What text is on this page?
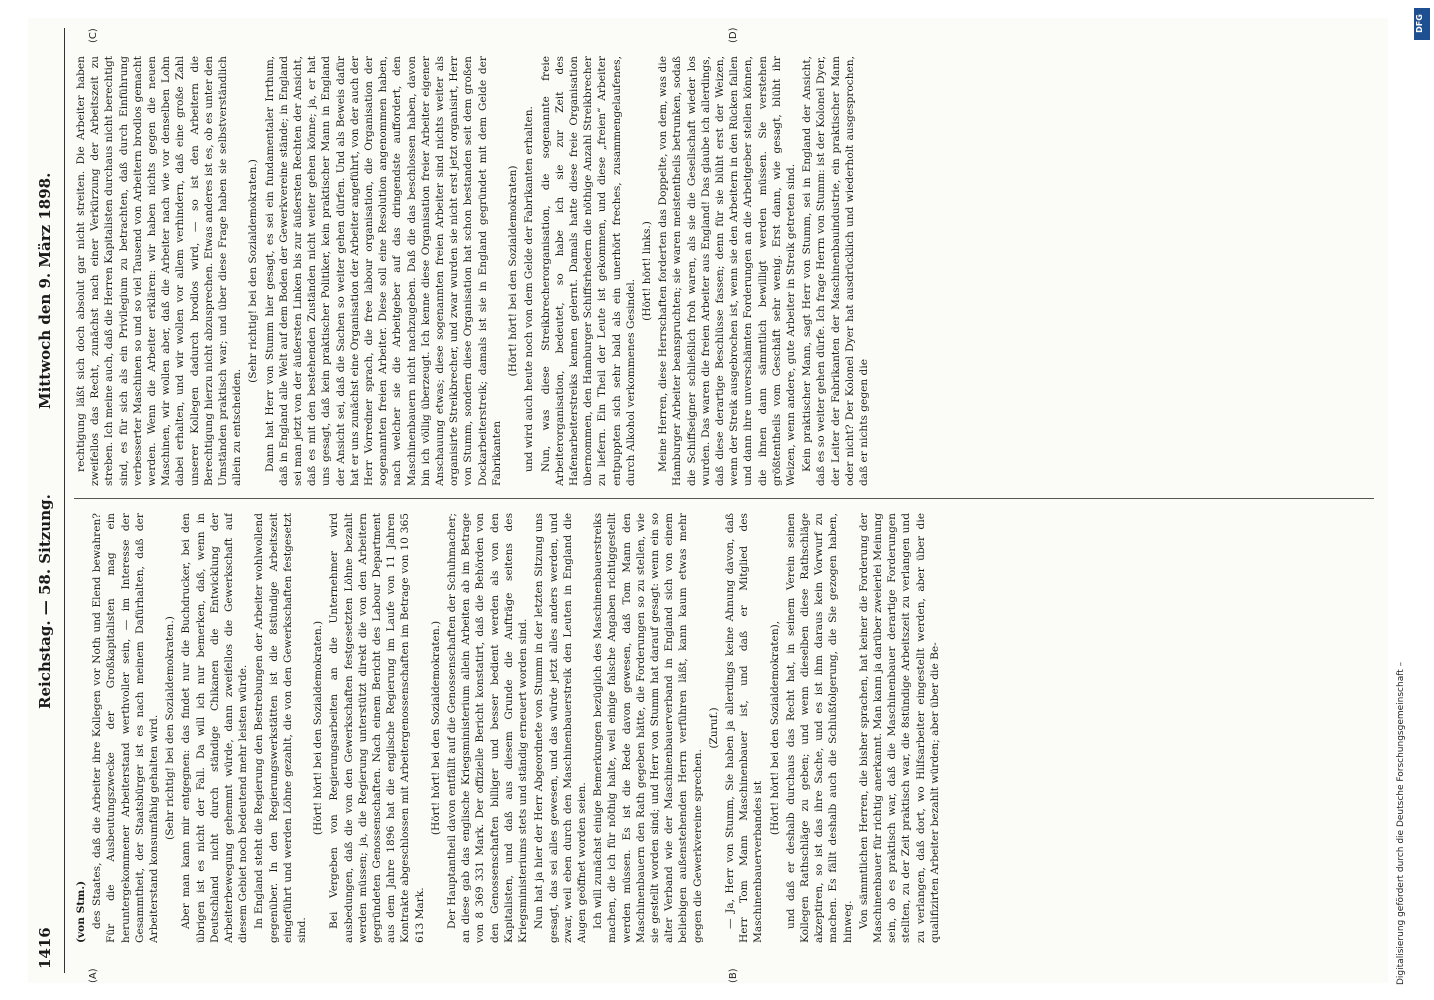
1416
Reichstag. — 58. Sitzung.
Mittwoch den 9. März 1898.
(A)	(B)
(C)	(D)

(von Stm.) des Staates, daß die Arbeiter ihre Kollegen vor Noth und Elend bewahren? Für die Ausbeutungszwecke der Großkapitalisten mag ein heruntergekommener Arbeiterstand werthvoller sein, — im Interesse der Gesammtheit, der Staatsbürger ist es nach meinem Dafürhalten, daß der Arbeiterstand konsumfähig gehalten wird. (Sehr richtig! bei den Sozialdemokraten.) Aber man kann mir entgegnen: das findet nur die Buchdrucker, bei den übrigen ist es nicht der Fall. Da will ich nur bemerken, daß, wenn in Deutschland nicht durch ständige Chikanen die Entwicklung der Arbeiterbewegung gehemmt würde, dann zweifellos die Gewerkschaft auf diesem Gebiet noch bedeutend mehr leisten würde. In England steht die Regierung den Bestrebungen der Arbeiter wohlwollend gegenüber. In den Regierungswerkstätten ist die 8stündige Arbeitszeit eingeführt und werden Löhne gezahlt, die von den Gewerkschaften festgesetzt sind.

(Hört! hört! bei den Sozialdemokraten.) Bei Vergeben von Regierungsarbeiten an die Unternehmer wird ausbedungen, daß die von den Gewerkschaften festgesetzten Löhne bezahlt werden müssen; ja, die Regierung unterstützt direkt die von den Arbeitern gegründeten Genossenschaften. Nach einem Bericht des Labour Department aus dem Jahre 1896 hat die englische Regierung im Laufe von 11 Jahren Kontrakte abgeschlossen mit Arbeitergenossenschaften im Betrage von 10 365 613 Mark.

(Hört! hört! bei den Sozialdemokraten.) Der Hauptantheil davon entfällt auf die Genossenschaften der Schuhmacher; an diese gab das englische Kriegsministerium allein Arbeiten ab im Betrage von 8 369 331 Mark. Der offizielle Bericht konstatirt, daß die Behörden von den Genossenschaften billiger und besser bedient werden als von den Kapitalisten, und daß aus diesem Grunde die Aufträge seitens des Kriegsministeriums stets und ständig erneuert worden sind. Nun hat ja hier der Herr Abgeordnete von Stumm in der letzten Sitzung uns gesagt, das sei alles gewesen, und das würde jetzt alles anders werden, und zwar, weil eben durch den Maschinenbauerstreik den Leuten in England die Augen geöffnet worden seien. Ich will zunächst einige Bemerkungen bezüglich des Maschinenbauerstreiks machen, die ich für nöthig halte, weil einige falsche Angaben richtiggestellt werden müssen. Es ist die Rede davon gewesen, daß Tom Mann den Maschinenbauern den Rath gegeben hätte, die Forderungen so zu stellen, wie sie gestellt worden sind; und Herr von Stumm hat darauf gesagt: wenn ein so alter Verband wie der Maschinenbauerverband in England sich von einem beliebigen außenstehenden Herrn verführen läßt, kann kaum etwas mehr gegen die Gewerkvereine sprechen.

(Zuruf.) — Ja, Herr von Stumm, Sie haben ja allerdings keine Ahnung davon, daß Herr Tom Mann Maschinenbauer ist, und daß er Mitglied des Maschinenbauerverbandes ist

(Hört! hört! bei den Sozialdemokraten), und daß er deshalb durchaus das Recht hat, in seinem Verein seinen Kollegen Rathschläge zu geben; und wenn dieselben diese Rathschläge akzeptiren, so ist das ihre Sache, und es ist ihm daraus kein Vorwurf zu machen. Es fällt deshalb auch die Schlußfolgerung, die Sie gezogen haben, hinweg. Von sämmtlichen Herren, die bisher sprachen, hat keiner die Forderung der Maschinenbauer für richtig anerkannt. Man kann ja darüber zweierlei Meinung sein, ob es praktisch war, daß die Maschinenbauer derartige Forderungen stellten, zu der Zeit praktisch war, die 8stündige Arbeitszeit zu verlangen und zu verlangen, daß dort, wo Hilfsarbeiter eingestellt werden, aber über die qualifizirten Arbeiter bezahlt würden; aber über die Be-

rechtigung läßt sich doch absolut gar nicht streiten. Die Arbeiter haben zweifellos das Recht, zunächst nach einer Verkürzung der Arbeitszeit zu streben. Ich meine auch, daß die Herren Kapitalisten durchaus nicht berechtigt sind, es für sich als ein Privilegium zu betrachten, daß durch Einführung verbesserter Maschinen so und so viel Tausend von Arbeitern brodlos gemacht werden. Wenn die Arbeiter erklären: wir haben nichts gegen die neuen Maschinen, wir wollen aber, daß die Arbeiter nach wie vor denselben Lohn dabei erhalten, und wir wollen vor allem verhindern, daß eine große Zahl unserer Kollegen dadurch brodlos wird, — so ist den Arbeitern die Berechtigung hierzu nicht abzusprechen. Etwas anderes ist es, ob es unter den Umständen praktisch war; und über diese Frage haben sie selbstverständlich allein zu entscheiden.

(Sehr richtig! bei den Sozialdemokraten.) Dann hat Herr von Stumm hier gesagt, es sei ein fundamentaler Irrthum, daß in England alle Welt auf dem Boden der Gewerkvereine stände; in England sei man jetzt von der äußersten Linken bis zur äußersten Rechten der Ansicht, daß es mit den bestehenden Zuständen nicht weiter gehen könne; ja, er hat uns gesagt, daß kein praktischer Politiker, kein praktischer Mann in England der Ansicht sei, daß die Sachen so weiter gehen dürfen. Und als Beweis dafür hat er uns zunächst eine Organisation der Arbeiter angeführt, von der auch der Herr Vorredner sprach, die free labour organisation, die Organisation der sogenannten freien Arbeiter. Diese soll eine Resolution angenommen haben, nach welcher sie die Arbeitgeber auf das dringendste auffordert, den Maschinenbauern nicht nachzugeben. Daß die das beschlossen haben, davon bin ich völlig überzeugt. Ich kenne diese Organisation freier Arbeiter eigener Anschauung etwas; diese sogenannten freien Arbeiter sind nichts weiter als organisirte Streikbrecher, und zwar wurden sie nicht erst jetzt organisirt, Herr von Stumm, sondern diese Organisation hat schon bestanden seit dem großen Dockarbeiterstreik; damals ist sie in England gegründet mit dem Gelde der Fabrikanten

(Hört! hört! bei den Sozialdemokraten) und wird auch heute noch von dem Gelde der Fabrikanten erhalten. Nun, was diese Streikbrecherorganisation, die sogenannte freie Arbeiterorganisation, bedeutet, so habe ich sie zur Zeit des Hafenarbeiterstreiks kennen gelernt. Damals hatte diese freie Organisation übernommen, den Hamburger Schiffsrhedern die nöthige Anzahl Streikbrecher zu liefern. Ein Theil der Leute ist gekommen, und diese „freien“ Arbeiter entpuppten sich sehr bald als ein unerhört freches, zusammengelaufenes, durch Alkohol verkommenes Gesindel.

(Hört! hört! links.) Meine Herren, diese Herrschaften forderten das Doppelte, von dem, was die Hamburger Arbeiter beanspruchten; sie waren meistentheils betrunken, sodaß die Schiffseigner schließlich froh waren, als sie die Gesellschaft wieder los wurden. Das waren die freien Arbeiter aus England! Das glaube ich allerdings, daß diese derartige Beschlüsse fassen; denn für sie blüht erst der Weizen, wenn der Streik ausgebrochen ist, wenn sie den Arbeitern in den Rücken fallen und dann ihre unverschämten Forderungen an die Arbeitgeber stellen können, die ihnen dann sämmtlich bewilligt werden müssen. Sie verstehen größtentheils vom Geschäft sehr wenig. Erst dann, wie gesagt, blüht ihr Weizen, wenn andere, gute Arbeiter in Streik getreten sind. Kein praktischer Mann, sagt Herr von Stumm, sei in England der Ansicht, daß es so weiter gehen dürfe. Ich frage Herrn von Stumm: ist der Kolonel Dyer, der Leiter der Fabrikanten der Maschinenbauindustrie, ein praktischer Mann oder nicht? Der Kolonel Dyer hat ausdrücklich und wiederholt ausgesprochen, daß er nichts gegen die

Digitalisierung gefördert durch die Deutsche Forschungsgemeinschaft –
DFG
